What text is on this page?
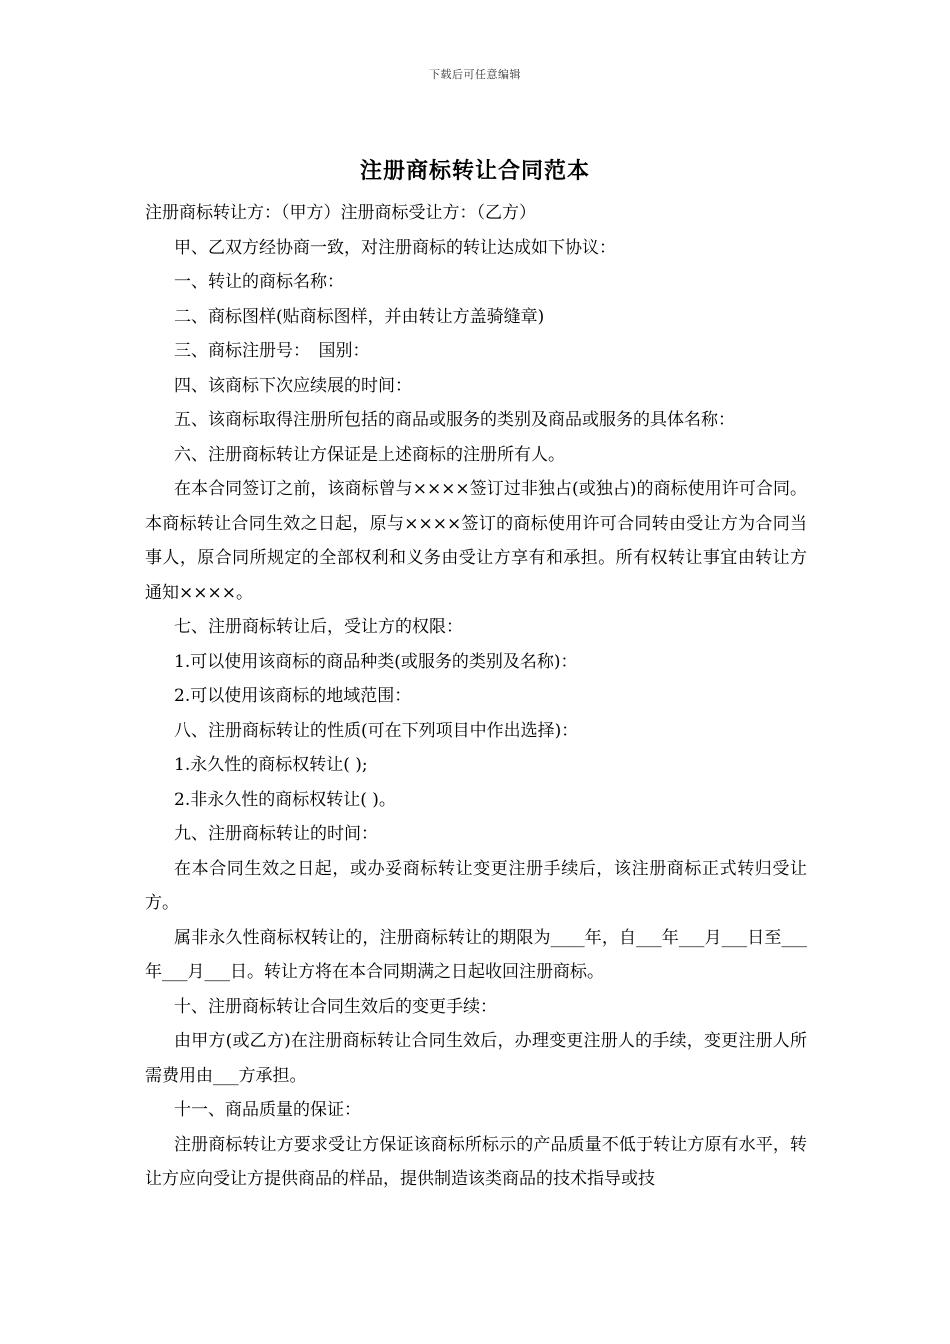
下载后可任意编辑
注册商标转让合同范本

注册商标转让方：（甲方）注册商标受让方：（乙方）

甲、乙双方经协商一致，对注册商标的转让达成如下协议：

一、转让的商标名称：

二、商标图样(贴商标图样，并由转让方盖骑缝章)

三、商标注册号：　国别：

四、该商标下次应续展的时间：

五、该商标取得注册所包括的商品或服务的类别及商品或服务的具体名称：

六、注册商标转让方保证是上述商标的注册所有人。

在本合同签订之前，该商标曾与××××签订过非独占(或独占)的商标使用许可合同。本商标转让合同生效之日起，原与××××签订的商标使用许可合同转由受让方为合同当事人，原合同所规定的全部权利和义务由受让方享有和承担。所有权转让事宜由转让方通知××××。

七、注册商标转让后，受让方的权限：

1.可以使用该商标的商品种类(或服务的类别及名称)：

2.可以使用该商标的地域范围：

八、注册商标转让的性质(可在下列项目中作出选择)：

1.永久性的商标权转让( );

2.非永久性的商标权转让( )。

九、注册商标转让的时间：

在本合同生效之日起，或办妥商标转让变更注册手续后，该注册商标正式转归受让方。

属非永久性商标权转让的，注册商标转让的期限为____年，自___年___月___日至___年___月___日。转让方将在本合同期满之日起收回注册商标。

十、注册商标转让合同生效后的变更手续：

由甲方(或乙方)在注册商标转让合同生效后，办理变更注册人的手续，变更注册人所需费用由___方承担。

十一、商品质量的保证：

注册商标转让方要求受让方保证该商标所标示的产品质量不低于转让方原有水平，转让方应向受让方提供商品的样品，提供制造该类商品的技术指导或技
